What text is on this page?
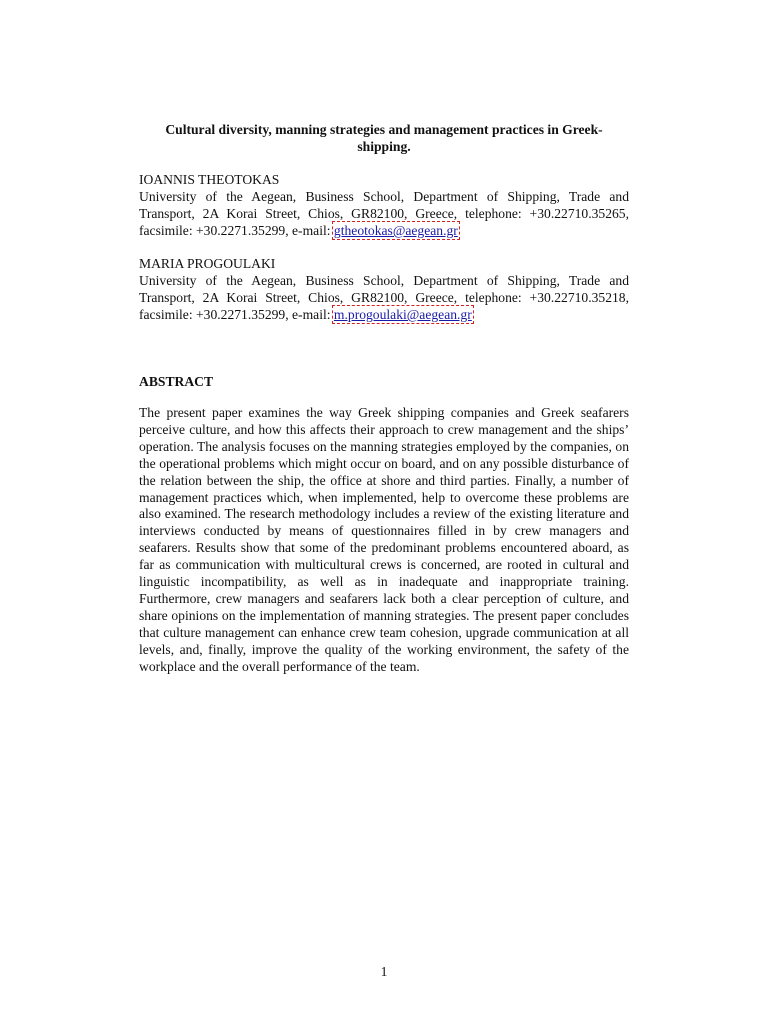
Cultural diversity, manning strategies and management practices in Greek-shipping.
IOANNIS THEOTOKAS
University of the Aegean, Business School, Department of Shipping, Trade and Transport, 2A Korai Street, Chios, GR82100, Greece, telephone: +30.22710.35265, facsimile: +30.2271.35299, e-mail: gtheotokas@aegean.gr
MARIA PROGOULAKI
University of the Aegean, Business School, Department of Shipping, Trade and Transport, 2A Korai Street, Chios, GR82100, Greece, telephone: +30.22710.35218, facsimile: +30.2271.35299, e-mail: m.progoulaki@aegean.gr
ABSTRACT
The present paper examines the way Greek shipping companies and Greek seafarers perceive culture, and how this affects their approach to crew management and the ships’ operation. The analysis focuses on the manning strategies employed by the companies, on the operational problems which might occur on board, and on any possible disturbance of the relation between the ship, the office at shore and third parties. Finally, a number of management practices which, when implemented, help to overcome these problems are also examined. The research methodology includes a review of the existing literature and interviews conducted by means of questionnaires filled in by crew managers and seafarers. Results show that some of the predominant problems encountered aboard, as far as communication with multicultural crews is concerned, are rooted in cultural and linguistic incompatibility, as well as in inadequate and inappropriate training. Furthermore, crew managers and seafarers lack both a clear perception of culture, and share opinions on the implementation of manning strategies. The present paper concludes that culture management can enhance crew team cohesion, upgrade communication at all levels, and, finally, improve the quality of the working environment, the safety of the workplace and the overall performance of the team.
1
